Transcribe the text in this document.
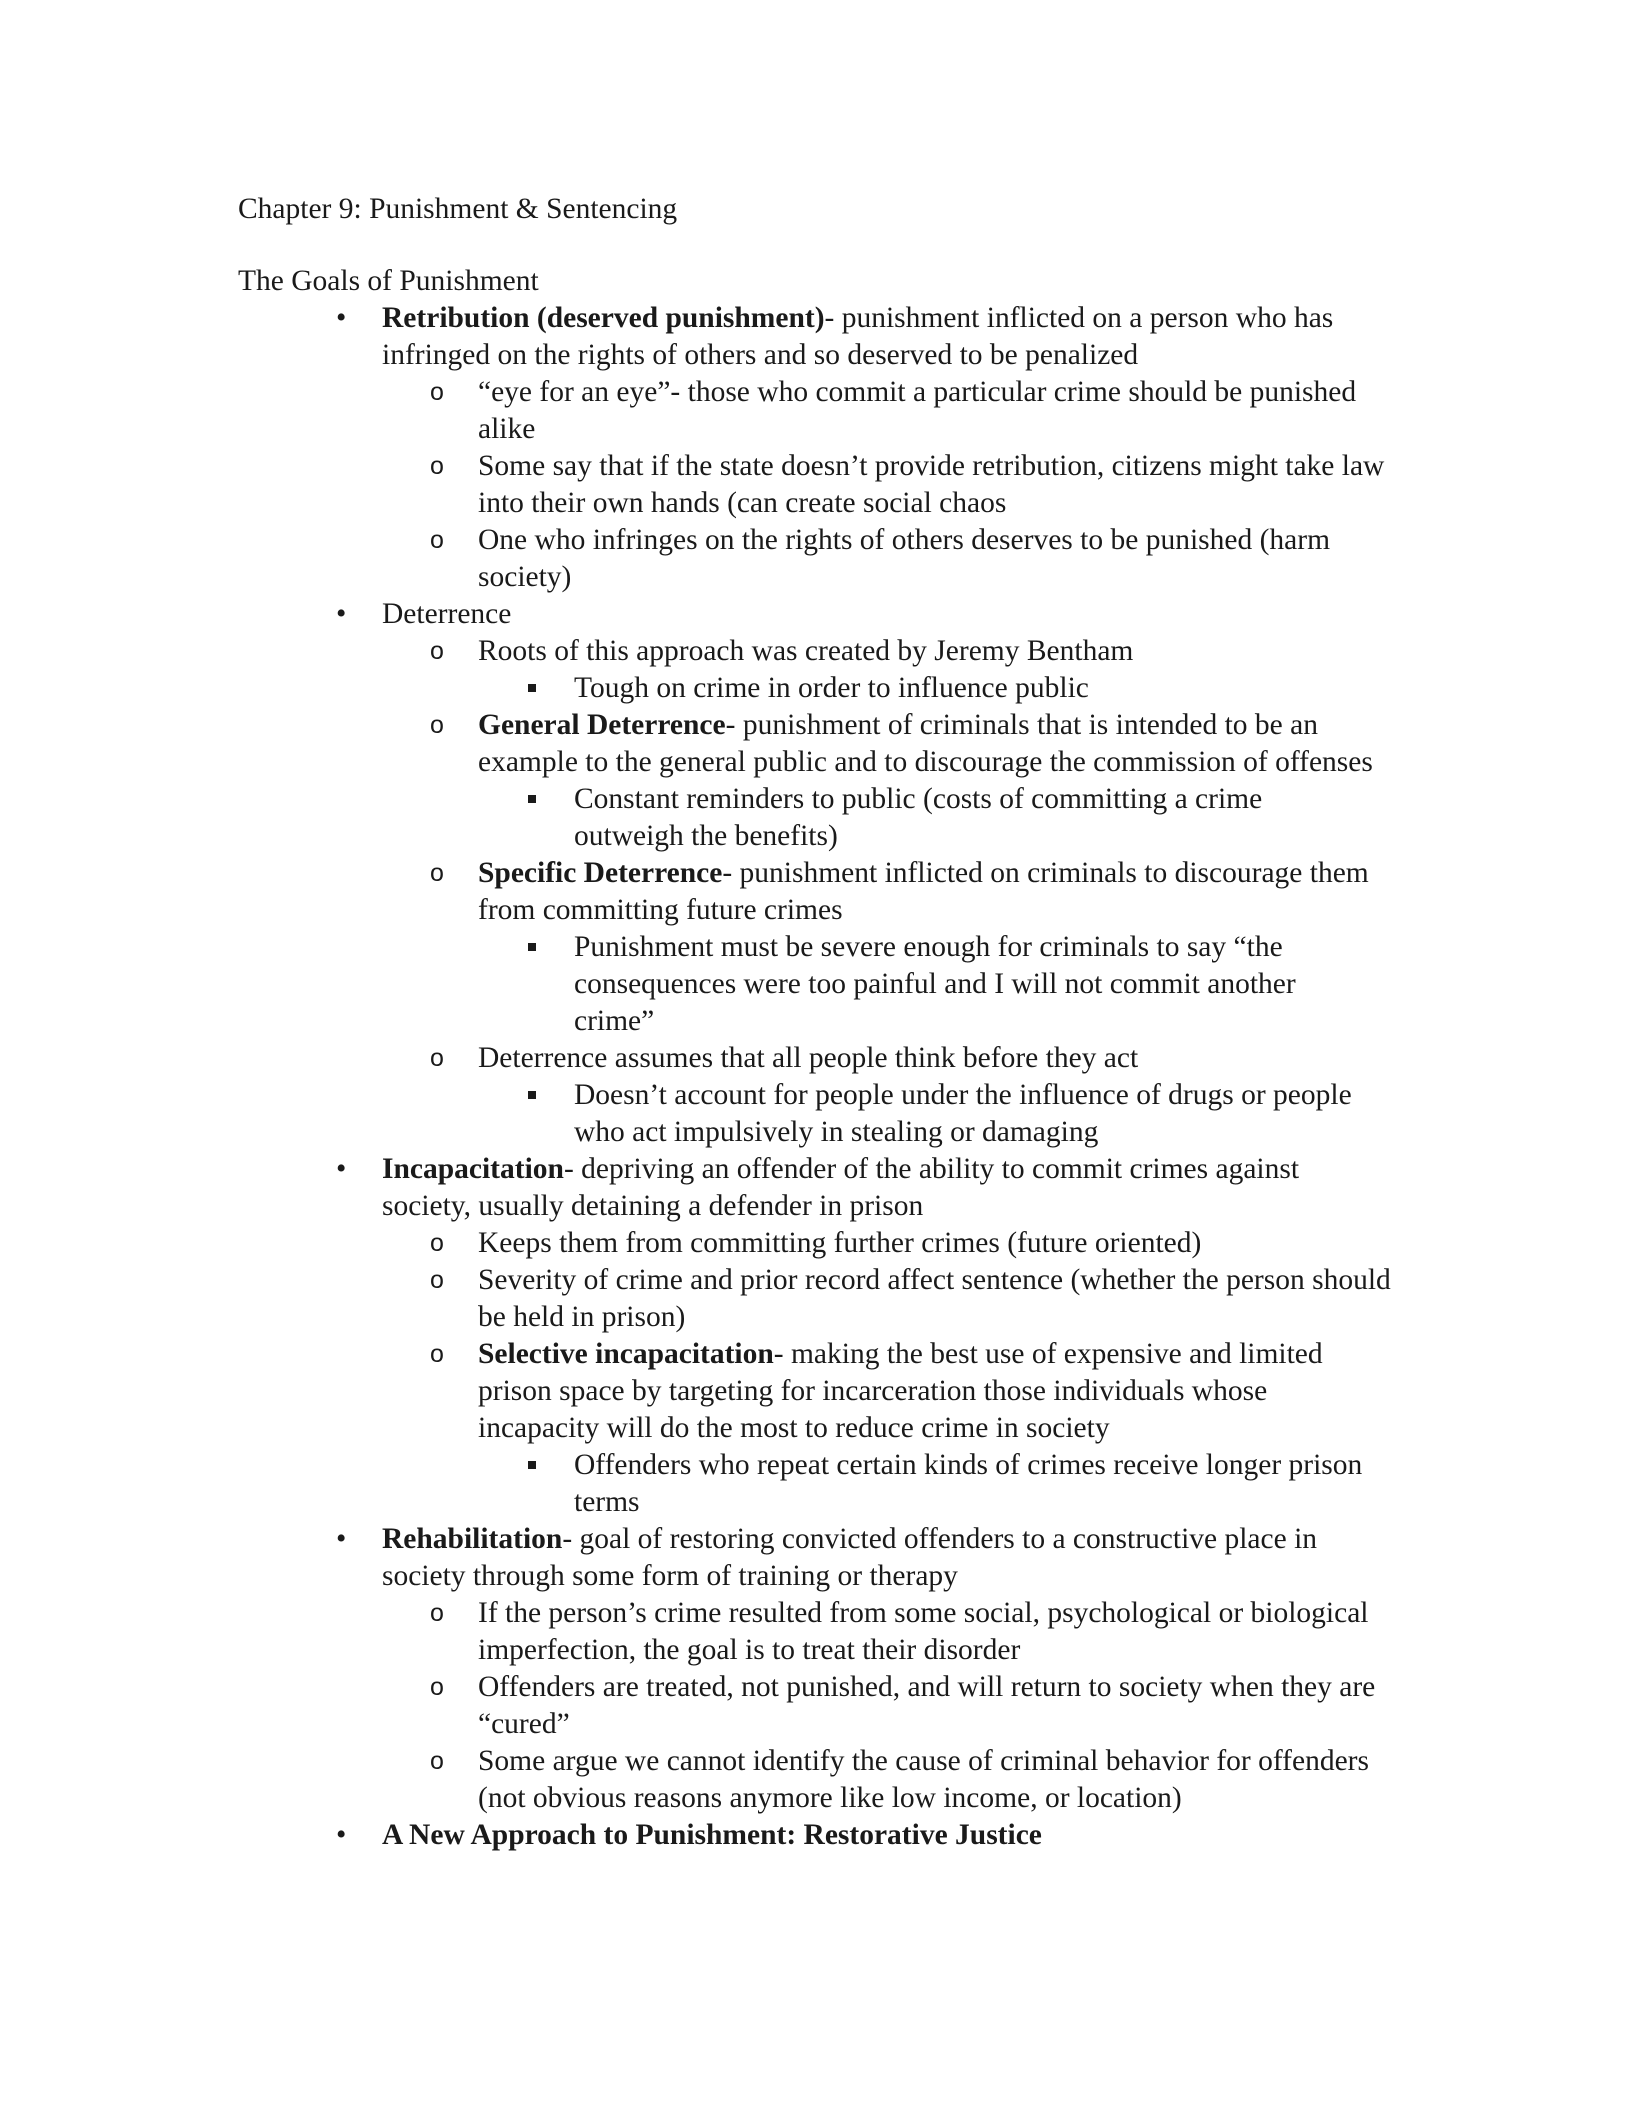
Chapter 9: Punishment & Sentencing
The Goals of Punishment
• Retribution (deserved punishment)- punishment inflicted on a person who has infringed on the rights of others and so deserved to be penalized
o “eye for an eye”- those who commit a particular crime should be punished alike
o Some say that if the state doesn’t provide retribution, citizens might take law into their own hands (can create social chaos
o One who infringes on the rights of others deserves to be punished (harm society)
• Deterrence
o Roots of this approach was created by Jeremy Bentham
Tough on crime in order to influence public
o General Deterrence- punishment of criminals that is intended to be an example to the general public and to discourage the commission of offenses
Constant reminders to public (costs of committing a crime outweigh the benefits)
o Specific Deterrence- punishment inflicted on criminals to discourage them from committing future crimes
Punishment must be severe enough for criminals to say “the consequences were too painful and I will not commit another crime”
o Deterrence assumes that all people think before they act
Doesn’t account for people under the influence of drugs or people who act impulsively in stealing or damaging
• Incapacitation- depriving an offender of the ability to commit crimes against society, usually detaining a defender in prison
o Keeps them from committing further crimes (future oriented)
o Severity of crime and prior record affect sentence (whether the person should be held in prison)
o Selective incapacitation- making the best use of expensive and limited prison space by targeting for incarceration those individuals whose incapacity will do the most to reduce crime in society
Offenders who repeat certain kinds of crimes receive longer prison terms
• Rehabilitation- goal of restoring convicted offenders to a constructive place in society through some form of training or therapy
o If the person’s crime resulted from some social, psychological or biological imperfection, the goal is to treat their disorder
o Offenders are treated, not punished, and will return to society when they are “cured”
o Some argue we cannot identify the cause of criminal behavior for offenders (not obvious reasons anymore like low income, or location)
• A New Approach to Punishment: Restorative Justice
